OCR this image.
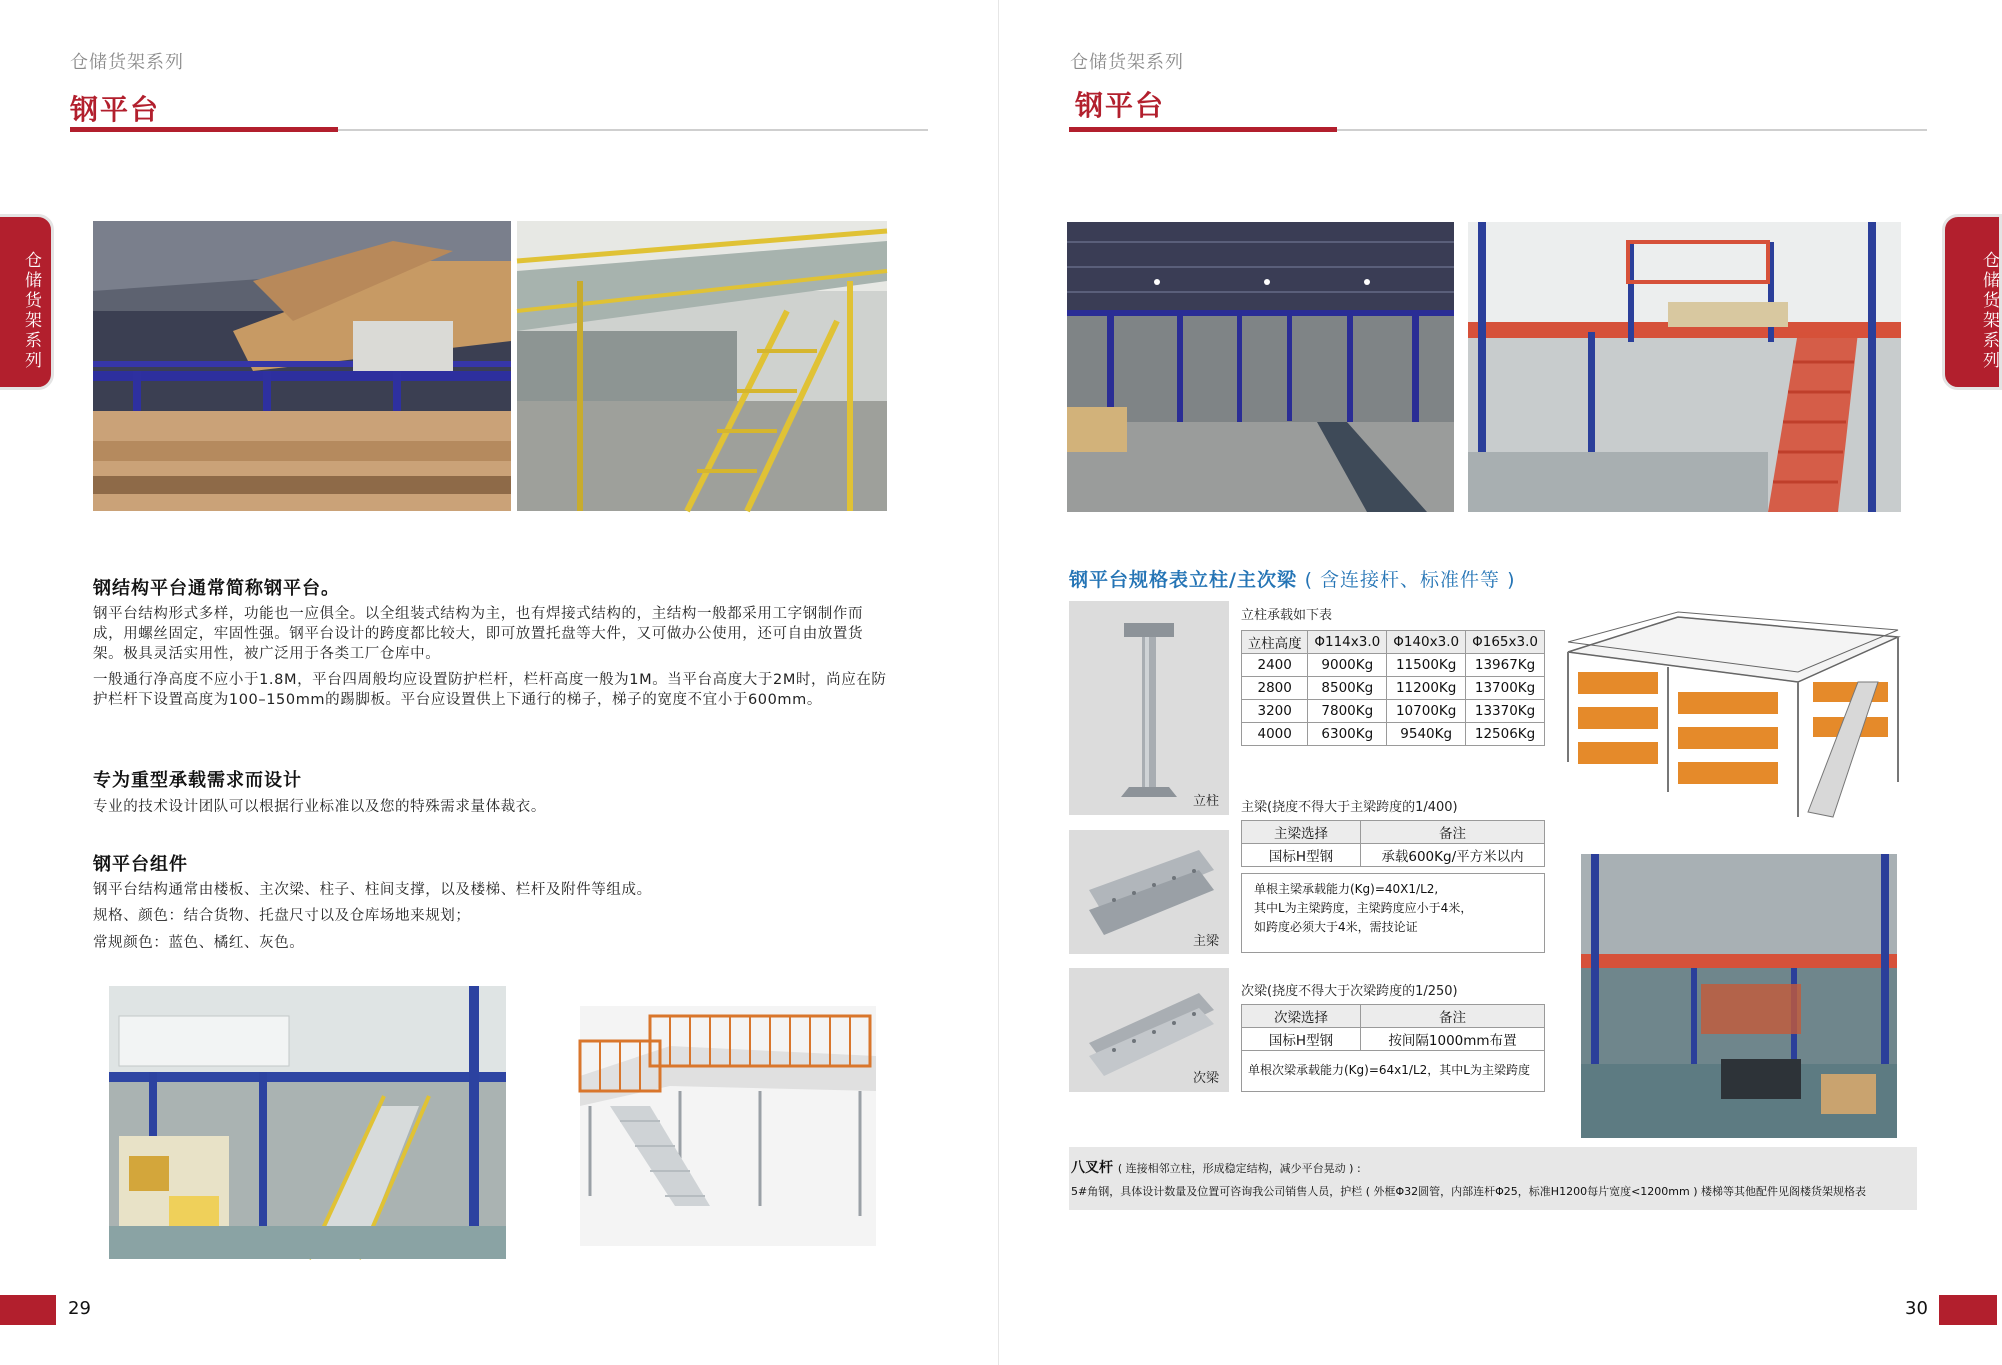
仓储货架系列
钢平台
仓储货架系列
钢结构平台通常简称钢平台。
钢平台结构形式多样，功能也一应俱全。以全组装式结构为主，也有焊接式结构的，主结构一般都采用工字钢制作而成，用螺丝固定，牢固性强。钢平台设计的跨度都比较大，即可放置托盘等大件，又可做办公使用，还可自由放置货架。极具灵活实用性，被广泛用于各类工厂仓库中。
一般通行净高度不应小于1.8M，平台四周般均应设置防护栏杆，栏杆高度一般为1M。当平台高度大于2M时，尚应在防护栏杆下设置高度为100–150mm的踢脚板。平台应设置供上下通行的梯子，梯子的宽度不宜小于600mm。
专为重型承载需求而设计
专业的技术设计团队可以根据行业标准以及您的特殊需求量体裁衣。
钢平台组件
钢平台结构通常由楼板、主次梁、柱子、柱间支撑，以及楼梯、栏杆及附件等组成。
规格、颜色：结合货物、托盘尺寸以及仓库场地来规划；
常规颜色：蓝色、橘红、灰色。
29
仓储货架系列
钢平台
仓储货架系列
钢平台规格表立柱/主次梁 ( 含连接杆、标准件等 )
立柱
立柱承载如下表
立柱高度	Φ114x3.0	Φ140x3.0	Φ165x3.0
2400	9000Kg	11500Kg	13967Kg
2800	8500Kg	11200Kg	13700Kg
3200	7800Kg	10700Kg	13370Kg
4000	6300Kg	9540Kg	12506Kg
主梁
主梁(挠度不得大于主梁跨度的1/400)
主梁选择	备注
国标H型钢	承载600Kg/平方米以内
单根主梁承载能力(Kg)=40X1/L2,
其中L为主梁跨度，主梁跨度应小于4米，
如跨度必须大于4米，需技论证
次梁
次梁(挠度不得大于次梁跨度的1/250)
次梁选择	备注
国标H型钢	按间隔1000mm布置
单根次梁承载能力(Kg)=64x1/L2，其中L为主梁跨度
八叉杆 ( 连接相邻立柱，形成稳定结构，减少平台晃动 ) :
5#角钢，具体设计数量及位置可咨询我公司销售人员，护栏 ( 外框Φ32圆管，内部连杆Φ25，标准H1200每片宽度<1200mm ) 楼梯等其他配件见阁楼货架规格表
30
